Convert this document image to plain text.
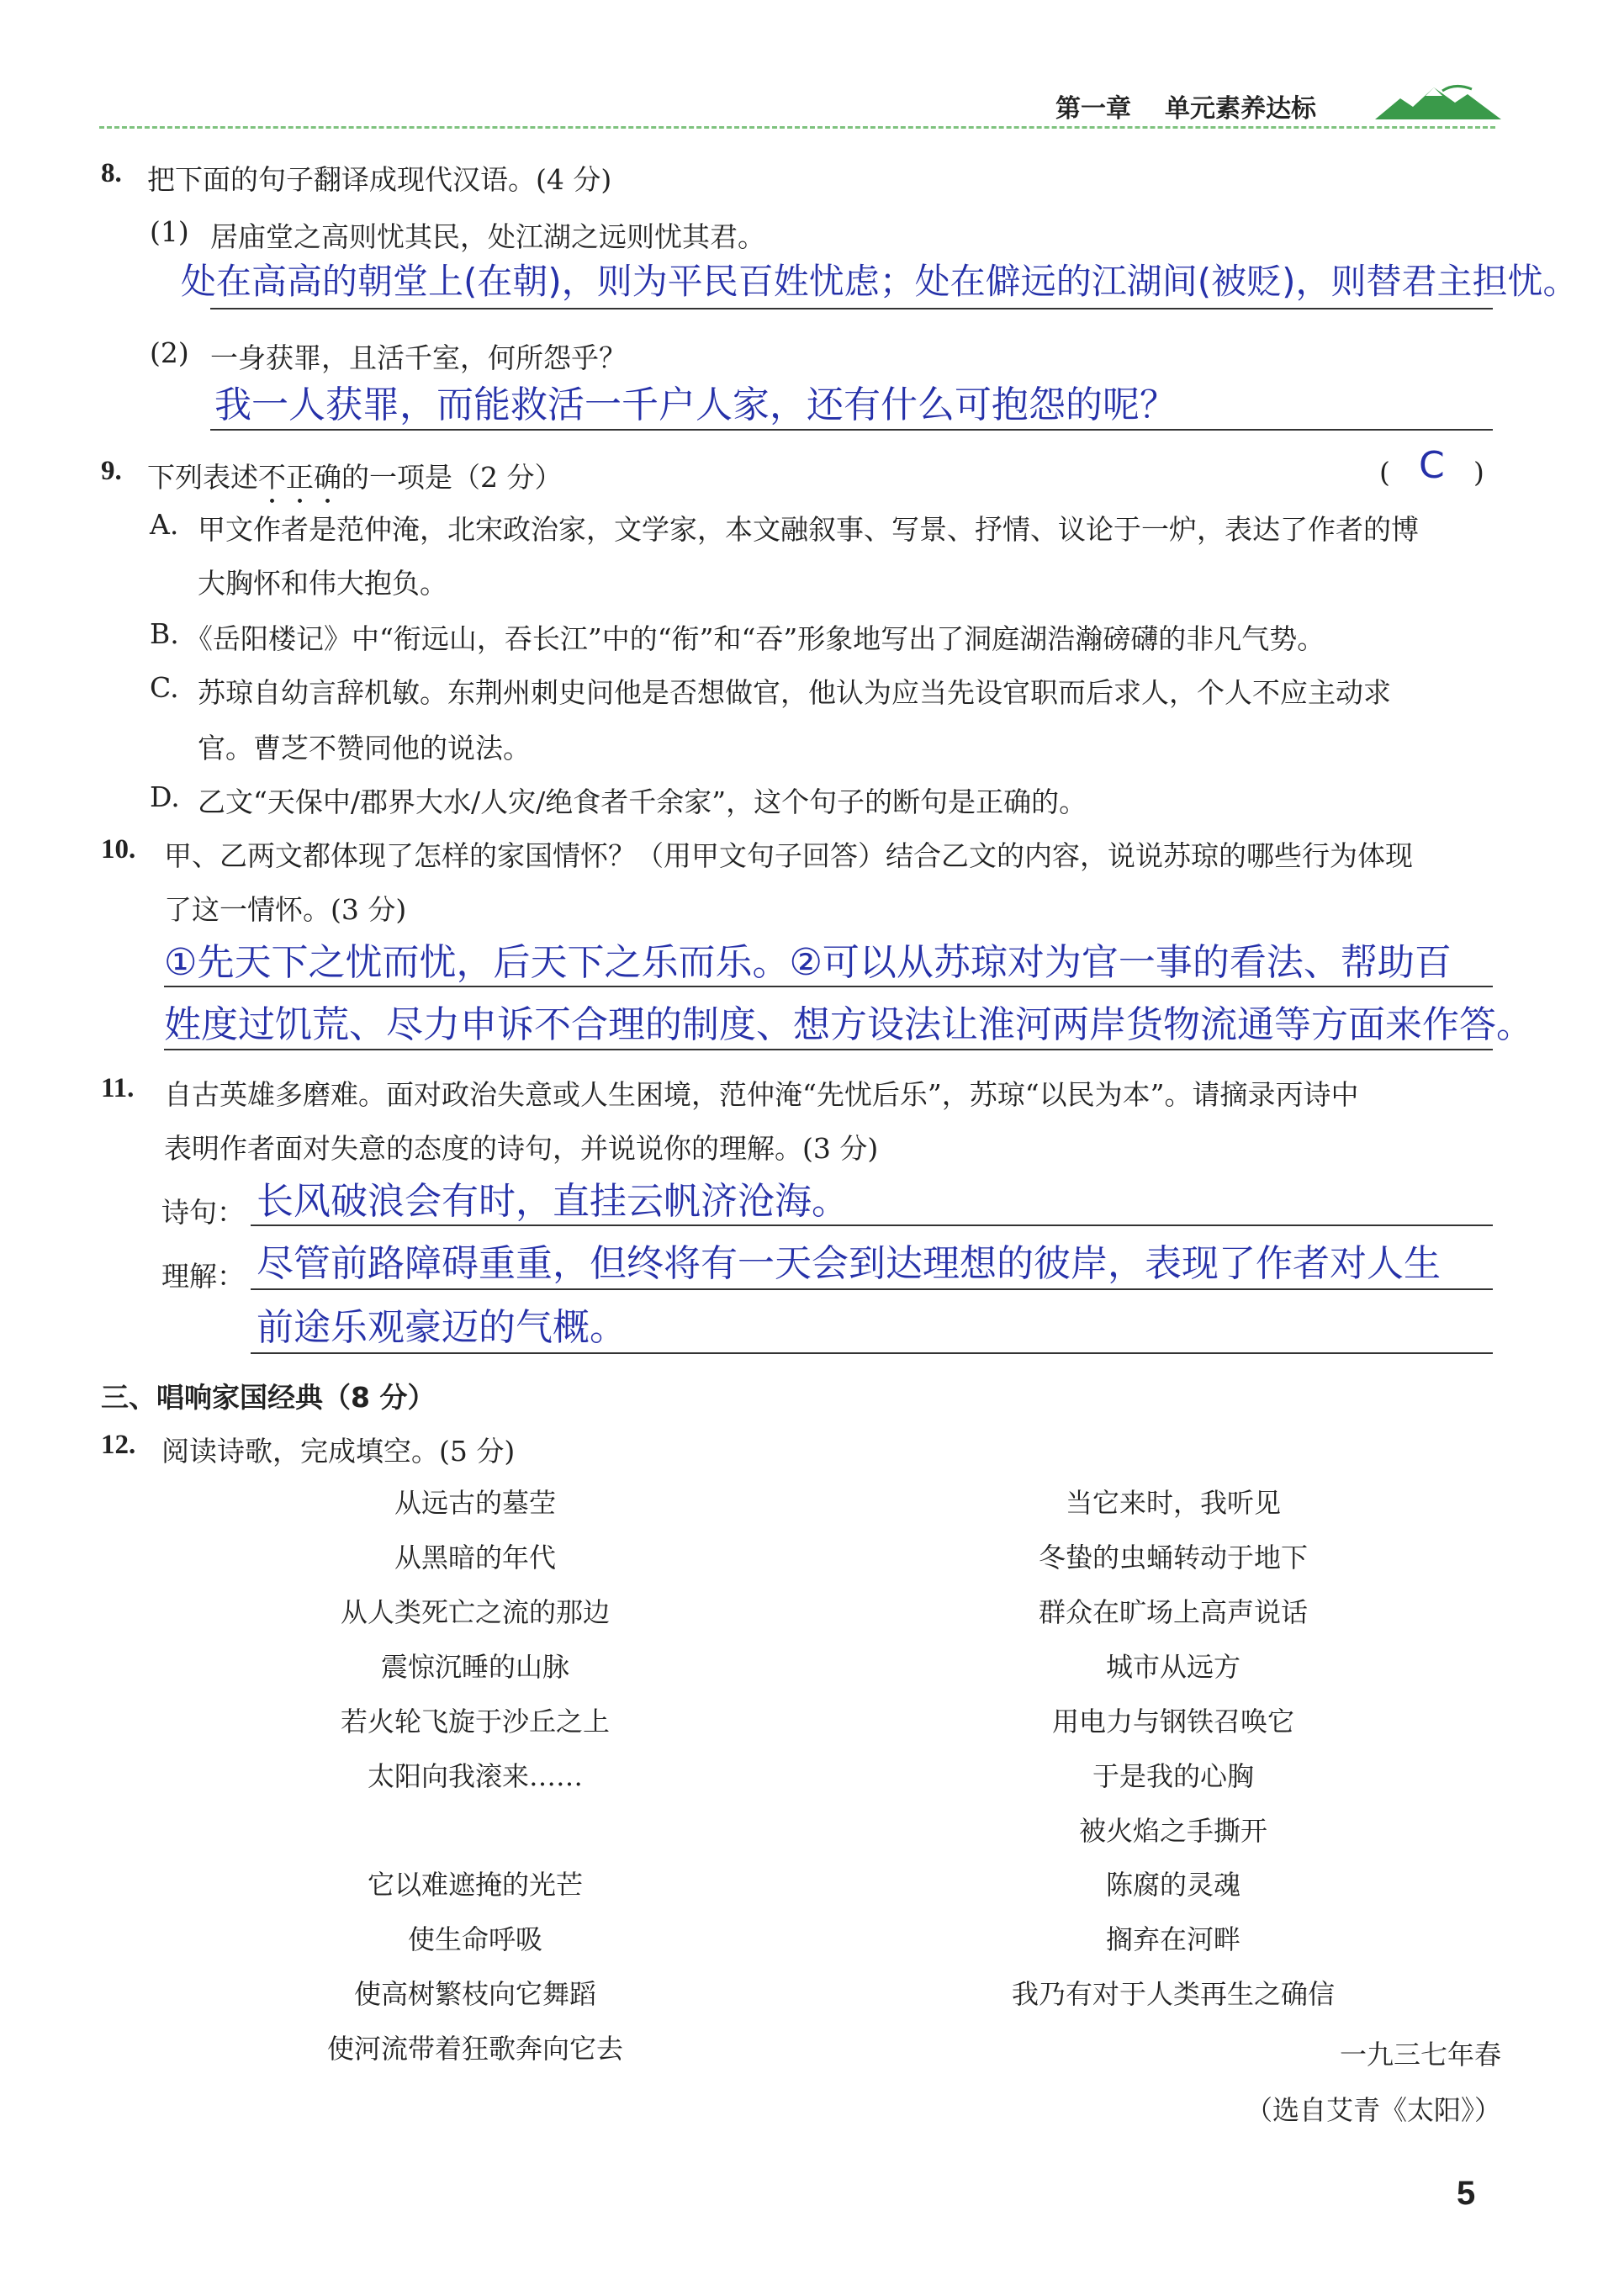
第一章 单元素养达标
8. 把下面的句子翻译成现代汉语。(4 分)
(1) 居庙堂之高则忧其民，处江湖之远则忧其君。
处在高高的朝堂上(在朝)，则为平民百姓忧虑；处在僻远的江湖间(被贬)，则替君主担忧。
(2) 一身获罪，且活千室，何所怨乎？
我一人获罪，而能救活一千户人家，还有什么可抱怨的呢？
9. 下列表述不正确的一项是（2 分）	( C )
A. 甲文作者是范仲淹，北宋政治家，文学家，本文融叙事、写景、抒情、议论于一炉，表达了作者的博
大胸怀和伟大抱负。
B. 《岳阳楼记》中“衔远山，吞长江”中的“衔”和“吞”形象地写出了洞庭湖浩瀚磅礴的非凡气势。
C. 苏琼自幼言辞机敏。东荆州刺史问他是否想做官，他认为应当先设官职而后求人，个人不应主动求
官。曹芝不赞同他的说法。
D. 乙文“天保中/郡界大水/人灾/绝食者千余家”，这个句子的断句是正确的。
10. 甲、乙两文都体现了怎样的家国情怀？（用甲文句子回答）结合乙文的内容，说说苏琼的哪些行为体现
了这一情怀。(3 分)
①先天下之忧而忧，后天下之乐而乐。②可以从苏琼对为官一事的看法、帮助百
姓度过饥荒、尽力申诉不合理的制度、想方设法让淮河两岸货物流通等方面来作答。
11. 自古英雄多磨难。面对政治失意或人生困境，范仲淹“先忧后乐”，苏琼“以民为本”。请摘录丙诗中
表明作者面对失意的态度的诗句，并说说你的理解。(3 分)
诗句： 长风破浪会有时，直挂云帆济沧海。
理解： 尽管前路障碍重重，但终将有一天会到达理想的彼岸，表现了作者对人生
前途乐观豪迈的气概。
三、唱响家国经典（8 分）
12. 阅读诗歌，完成填空。(5 分)
从远古的墓茔
从黑暗的年代
从人类死亡之流的那边
震惊沉睡的山脉
若火轮飞旋于沙丘之上
太阳向我滚来……
它以难遮掩的光芒
使生命呼吸
使高树繁枝向它舞蹈
使河流带着狂歌奔向它去
当它来时，我听见
冬蛰的虫蛹转动于地下
群众在旷场上高声说话
城市从远方
用电力与钢铁召唤它
于是我的心胸
被火焰之手撕开
陈腐的灵魂
搁弃在河畔
我乃有对于人类再生之确信
一九三七年春
（选自艾青《太阳》）
5
